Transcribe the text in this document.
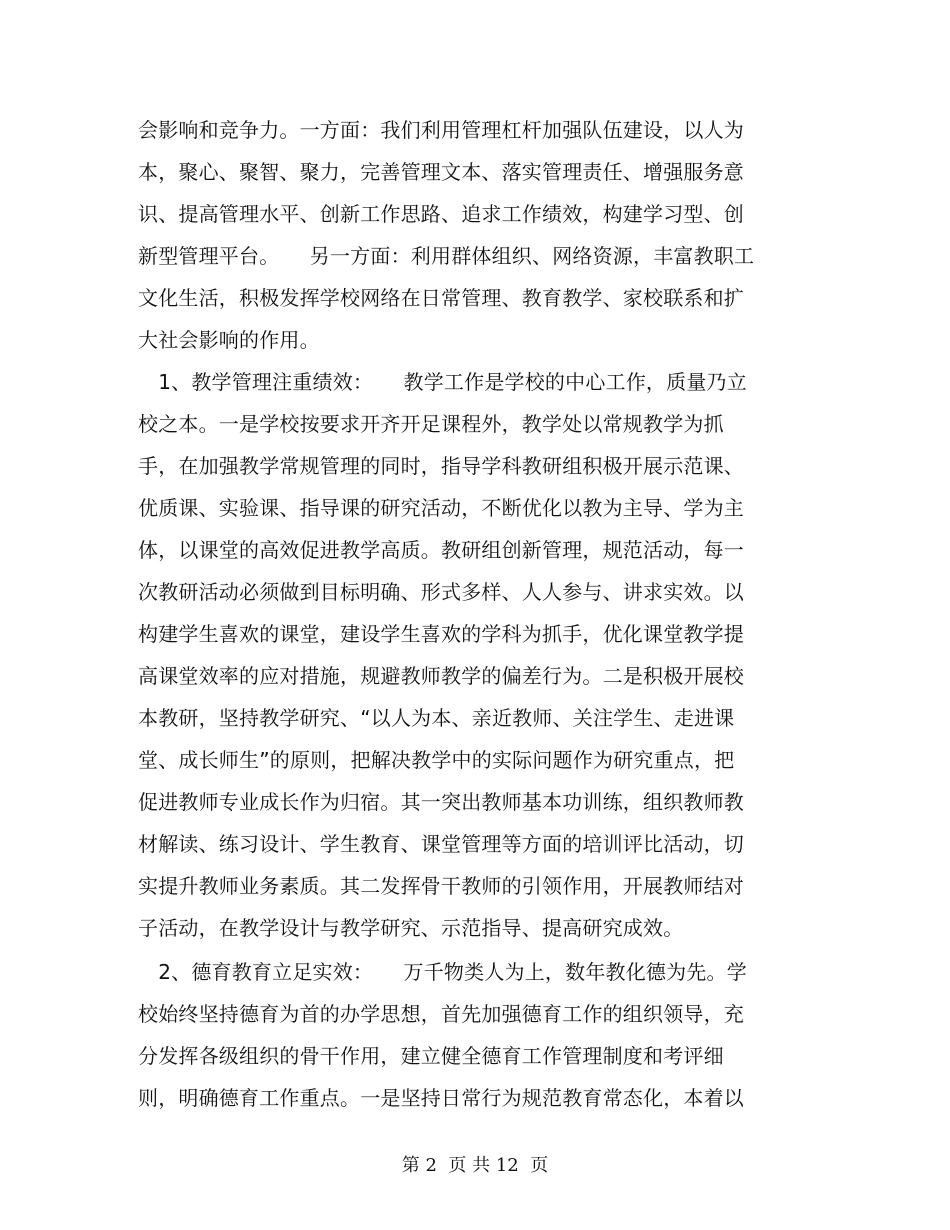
会影响和竞争力。一方面：我们利用管理杠杆加强队伍建设，以人为
本，聚心、聚智、聚力，完善管理文本、落实管理责任、增强服务意
识、提高管理水平、创新工作思路、追求工作绩效，构建学习型、创
新型管理平台。　　另一方面：利用群体组织、网络资源，丰富教职工
文化生活，积极发挥学校网络在日常管理、教育教学、家校联系和扩
大社会影响的作用。
　1、教学管理注重绩效：　　教学工作是学校的中心工作，质量乃立
校之本。一是学校按要求开齐开足课程外，教学处以常规教学为抓
手，在加强教学常规管理的同时，指导学科教研组积极开展示范课、
优质课、实验课、指导课的研究活动，不断优化以教为主导、学为主
体，以课堂的高效促进教学高质。教研组创新管理，规范活动，每一
次教研活动必须做到目标明确、形式多样、人人参与、讲求实效。以
构建学生喜欢的课堂，建设学生喜欢的学科为抓手，优化课堂教学提
高课堂效率的应对措施，规避教师教学的偏差行为。二是积极开展校
本教研，坚持教学研究、“以人为本、亲近教师、关注学生、走进课
堂、成长师生”的原则，把解决教学中的实际问题作为研究重点，把
促进教师专业成长作为归宿。其一突出教师基本功训练，组织教师教
材解读、练习设计、学生教育、课堂管理等方面的培训评比活动，切
实提升教师业务素质。其二发挥骨干教师的引领作用，开展教师结对
子活动，在教学设计与教学研究、示范指导、提高研究成效。
　2、德育教育立足实效：　　万千物类人为上，数年教化德为先。学
校始终坚持德育为首的办学思想，首先加强德育工作的组织领导，充
分发挥各级组织的骨干作用，建立健全德育工作管理制度和考评细
则，明确德育工作重点。一是坚持日常行为规范教育常态化，本着以
第 2  页 共 12  页
